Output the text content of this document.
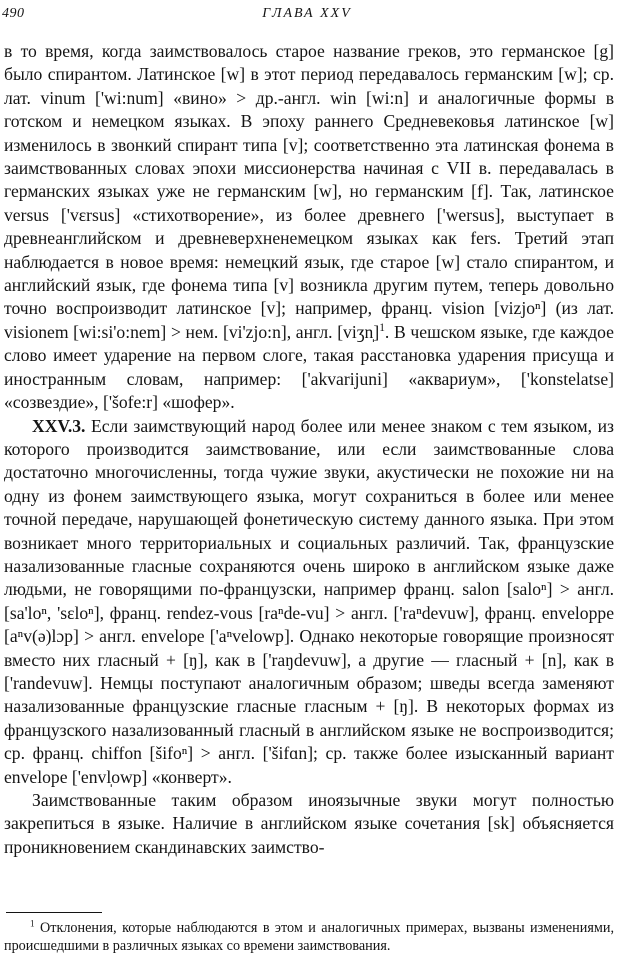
490	ГЛАВА XXV

в то время, когда заимствовалось старое название греков, это германское [g] было спирантом. Латинское [w] в этот период передавалось германским [w]; ср. лат. vinum ['wi:num] «вино» > др.-англ. win [wi:n] и аналогичные формы в готском и немецком языках. В эпоху раннего Средневековья латинское [w] изменилось в звонкий спирант типа [v]; соответственно эта латинская фонема в заимствованных словах эпохи миссионерства начиная с VII в. передавалась в германских языках уже не германским [w], но германским [f]. Так, латинское versus ['vɛrsus] «стихотворение», из более древнего ['wersus], выступает в древнеанглийском и древневерхненемецком языках как fers. Третий этап наблюдается в новое время: немецкий язык, где старое [w] стало спирантом, и английский язык, где фонема типа [v] возникла другим путем, теперь довольно точно воспроизводит латинское [v]; например, франц. vision [vizjoⁿ] (из лат. visionem [wi:si'o:nem] > нем. [vi'zjo:n], англ. [viʒn̩]$^1$. В чешском языке, где каждое слово имеет ударение на первом слоге, такая расстановка ударения присуща и иностранным словам, например: ['akvarijuni] «аквариум», ['konstelatse] «созвездие», ['šofe:r] «шофер».

XXV.3. Если заимствующий народ более или менее знаком с тем языком, из которого производится заимствование, или если заимствованные слова достаточно многочисленны, тогда чужие звуки, акустически не похожие ни на одну из фонем заимствующего языка, могут сохраниться в более или менее точной передаче, нарушающей фонетическую систему данного языка. При этом возникает много территориальных и социальных различий. Так, французские назализованные гласные сохраняются очень широко в английском языке даже людьми, не говорящими по-французски, например франц. salon [saloⁿ] > англ. [sa'loⁿ, 'sɛloⁿ], франц. rendez-vous [rаⁿde-vu] > англ. ['rаⁿdevuw], франц. enveloppe [аⁿv(ə)lɔp] > англ. envelope ['аⁿvelowp]. Однако некоторые говорящие произносят вместо них гласный + [ŋ], как в ['raŋdevuw], а другие — гласный + [n], как в ['randevuw]. Немцы поступают аналогичным образом; шведы всегда заменяют назализованные французские гласные гласным + [ŋ]. В некоторых формах из французского назализованный гласный в английском языке не воспроизводится; ср. франц. chiffon [šifoⁿ] > англ. ['šifɑn]; ср. также более изысканный вариант envelope ['envl̩owp] «конверт».

Заимствованные таким образом иноязычные звуки могут полностью закрепиться в языке. Наличие в английском языке сочетания [sk] объясняется проникновением скандинавских заимство-

$^1$ Отклонения, которые наблюдаются в этом и аналогичных примерах, вызваны изменениями, происшедшими в различных языках со времени заимствования.
